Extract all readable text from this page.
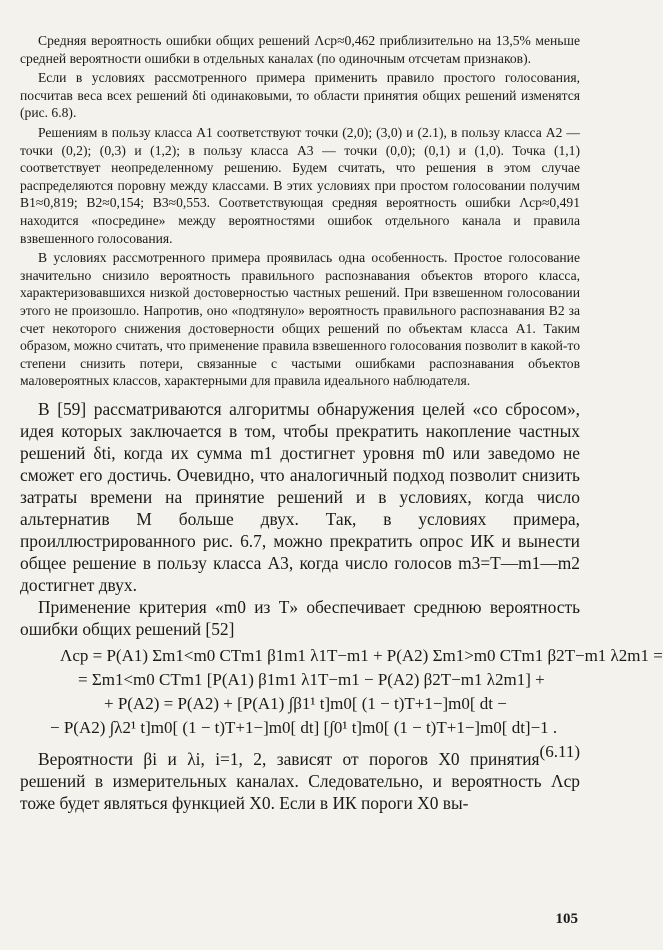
Средняя вероятность ошибки общих решений Λср≈0,462 приблизительно на 13,5% меньше средней вероятности ошибки в отдельных каналах (по одиночным отсчетам признаков).

Если в условиях рассмотренного примера применить правило простого голосования, посчитав веса всех решений δti одинаковыми, то области принятия общих решений изменятся (рис. 6.8).

Решениям в пользу класса A1 соответствуют точки (2,0); (3,0) и (2.1), в пользу класса A2 — точки (0,2); (0,3) и (1,2); в пользу класса A3 — точки (0,0); (0,1) и (1,0). Точка (1,1) соответствует неопределенному решению. Будем считать, что решения в этом случае распределяются поровну между классами. В этих условиях при простом голосовании получим В1≈0,819; В2≈0,154; В3≈0,553. Соответствующая средняя вероятность ошибки Λср≈0,491 находится «посредине» между вероятностями ошибок отдельного канала и правила взвешенного голосования.

В условиях рассмотренного примера проявилась одна особенность. Простое голосование значительно снизило вероятность правильного распознавания объектов второго класса, характеризовавшихся низкой достоверностью частных решений. При взвешенном голосовании этого не произошло. Напротив, оно «подтянуло» вероятность правильного распознавания В2 за счет некоторого снижения достоверности общих решений по объектам класса A1. Таким образом, можно считать, что применение правила взвешенного голосования позволит в какой-то степени снизить потери, связанные с частыми ошибками распознавания объектов маловероятных классов, характерными для правила идеального наблюдателя.

В [59] рассматриваются алгоритмы обнаружения целей «со сбросом», идея которых заключается в том, чтобы прекратить накопление частных решений δti, когда их сумма m1 достигнет уровня m0 или заведомо не сможет его достичь. Очевидно, что аналогичный подход позволит снизить затраты времени на принятие решений и в условиях, когда число альтернатив M больше двух. Так, в условиях примера, проиллюстрированного рис. 6.7, можно прекратить опрос ИК и вынести общее решение в пользу класса A3, когда число голосов m3=T—m1—m2 достигнет двух.

Применение критерия «m0 из T» обеспечивает среднюю вероятность ошибки общих решений [52]

Λср = P(A1) Σm1<m0 CTm1 β1m1 λ1T−m1 + P(A2) Σm1>m0 CTm1 β2T−m1 λ2m1 =
= Σm1<m0 CTm1 [P(A1) β1m1 λ1T−m1 − P(A2) β2T−m1 λ2m1] +
+ P(A2) = P(A2) + [P(A1) ∫β1¹ t]m0[ (1 − t)T+1−]m0[ dt −
− P(A2) ∫λ2¹ t]m0[ (1 − t)T+1−]m0[ dt] [∫0¹ t]m0[ (1 − t)T+1−]m0[ dt]−1 .
(6.11)

Вероятности βi и λi, i=1, 2, зависят от порогов X0 принятия решений в измерительных каналах. Следовательно, и вероятность Λср тоже будет являться функцией X0. Если в ИК пороги X0 вы-

105
